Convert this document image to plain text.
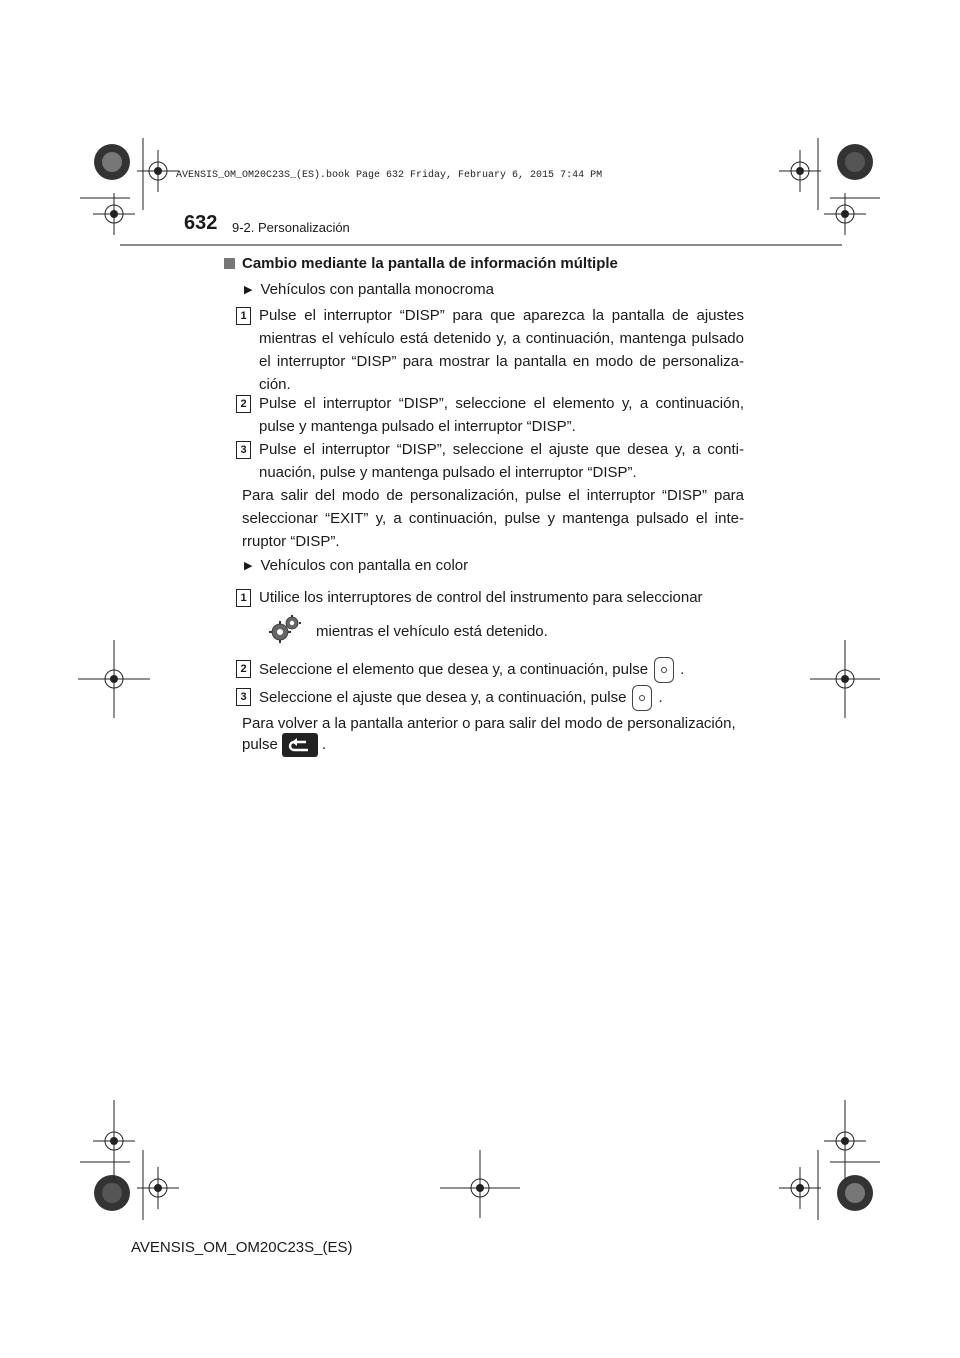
AVENSIS_OM_OM20C23S_(ES).book Page 632 Friday, February 6, 2015 7:44 PM
632 9-2. Personalización
Cambio mediante la pantalla de información múltiple
▶ Vehículos con pantalla monocroma
1 Pulse el interruptor “DISP” para que aparezca la pantalla de ajustes mientras el vehículo está detenido y, a continuación, mantenga pulsado el interruptor “DISP” para mostrar la pantalla en modo de personaliza-ción.
2 Pulse el interruptor “DISP”, seleccione el elemento y, a continuación, pulse y mantenga pulsado el interruptor “DISP”.
3 Pulse el interruptor “DISP”, seleccione el ajuste que desea y, a conti-nuación, pulse y mantenga pulsado el interruptor “DISP”.
Para salir del modo de personalización, pulse el interruptor “DISP” para seleccionar “EXIT” y, a continuación, pulse y mantenga pulsado el inte-rruptor “DISP”.
▶ Vehículos con pantalla en color
1 Utilice los interruptores de control del instrumento para seleccionar
mientras el vehículo está detenido.
2 Seleccione el elemento que desea y, a continuación, pulse .
3 Seleccione el ajuste que desea y, a continuación, pulse .
Para volver a la pantalla anterior o para salir del modo de personalización,
pulse	.
AVENSIS_OM_OM20C23S_(ES)
